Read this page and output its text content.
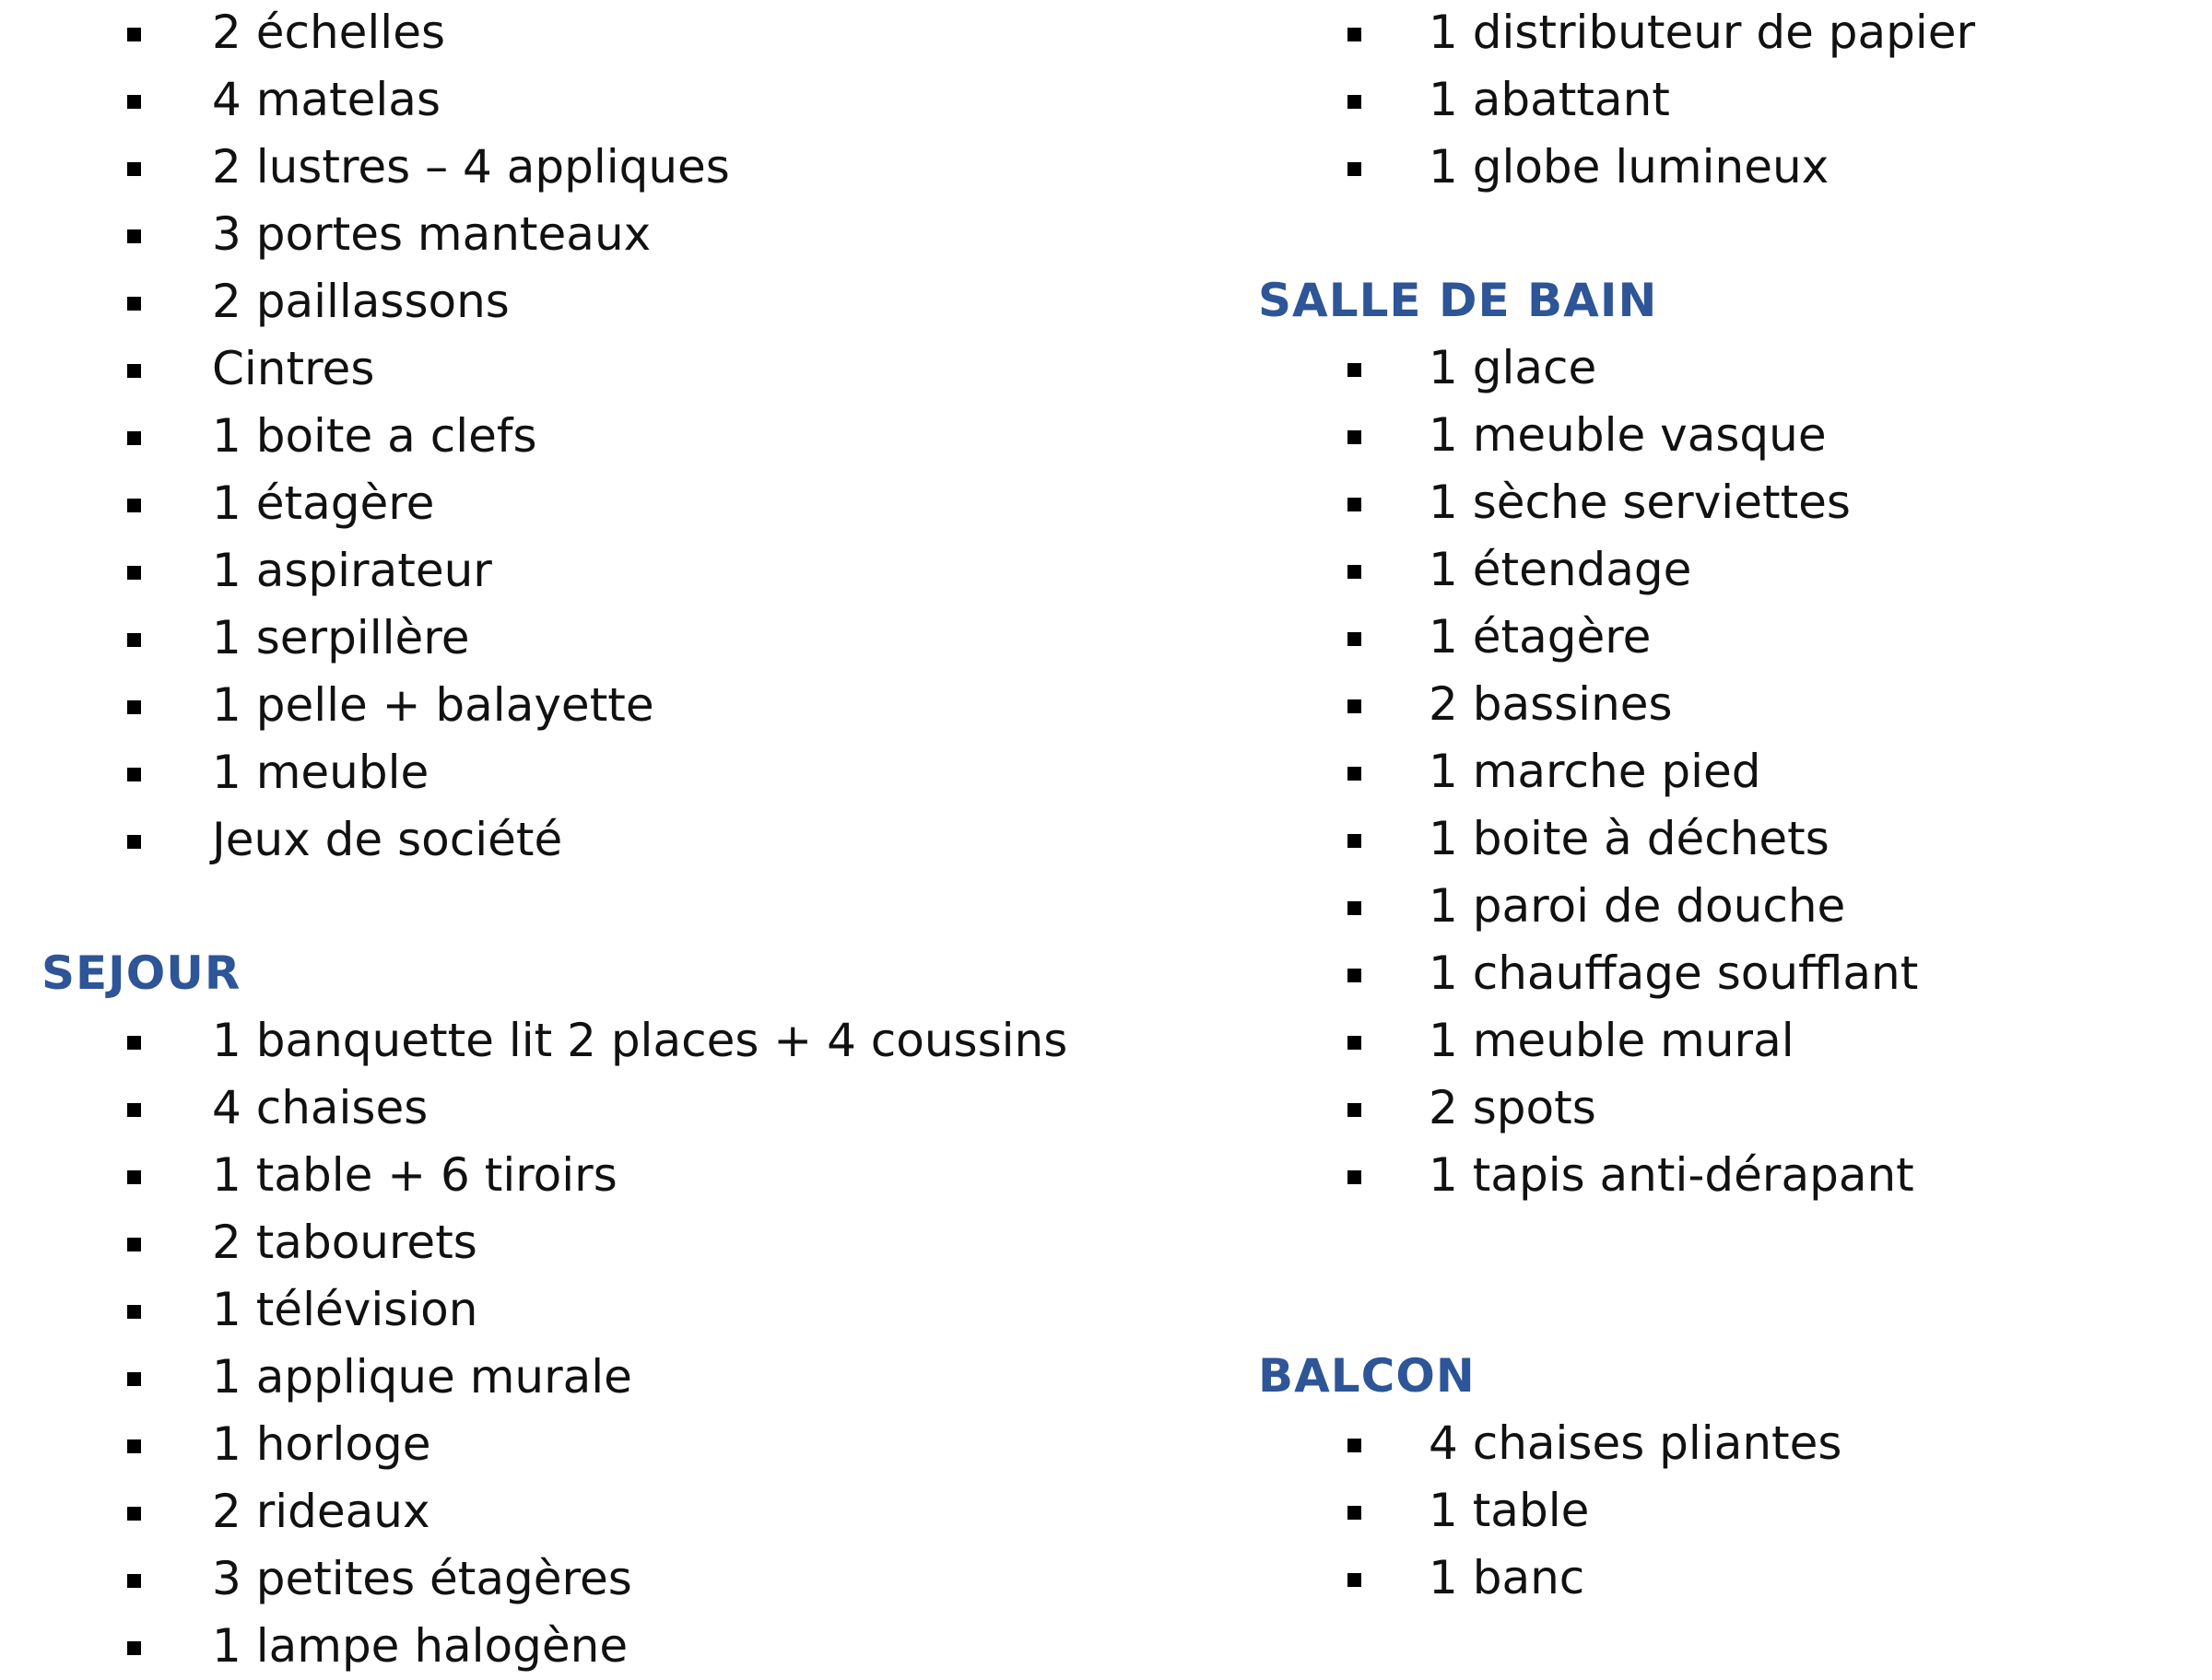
2 échelles
4 matelas
2 lustres – 4 appliques
3 portes manteaux
2 paillassons
Cintres
1 boite a clefs
1 étagère
1 aspirateur
1 serpillère
1 pelle + balayette
1 meuble
Jeux de société
SEJOUR
1 banquette lit 2 places + 4 coussins
4 chaises
1 table + 6 tiroirs
2 tabourets
1 télévision
1 applique murale
1 horloge
2 rideaux
3 petites étagères
1 lampe halogène
1 distributeur de papier
1 abattant
1 globe lumineux
SALLE DE BAIN
1 glace
1 meuble vasque
1 sèche serviettes
1 étendage
1 étagère
2 bassines
1 marche pied
1 boite à déchets
1 paroi de douche
1 chauffage soufflant
1 meuble mural
2 spots
1 tapis anti-dérapant
BALCON
4 chaises pliantes
1 table
1 banc
